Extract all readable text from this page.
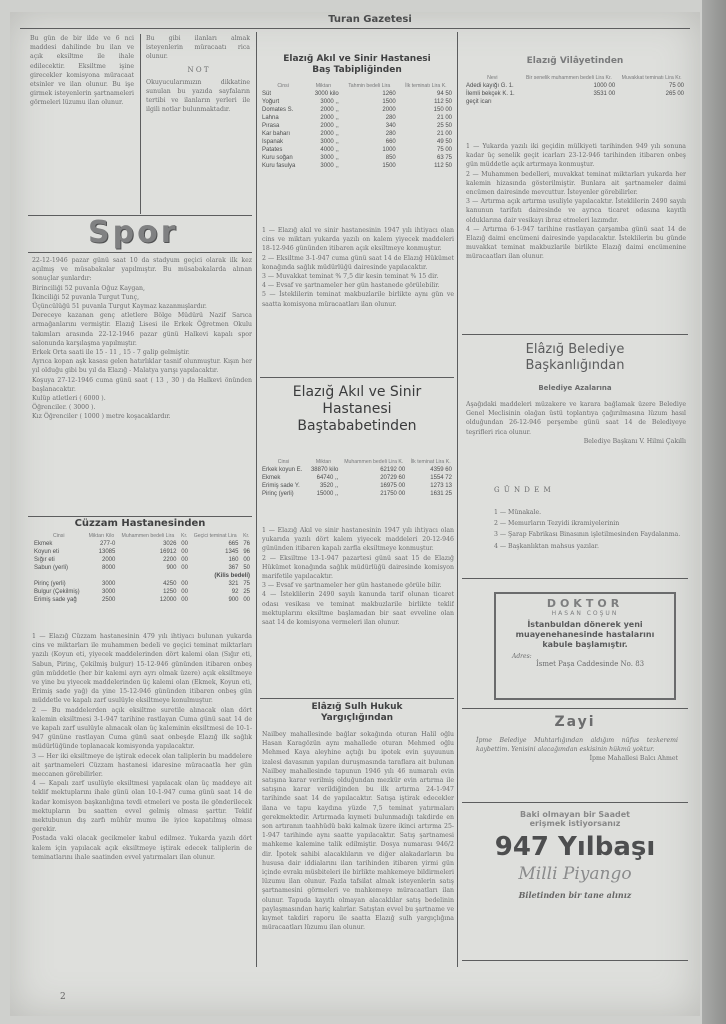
Turan Gazetesi
Bu gün de bir ilde ve 6 nci maddesi dahilinde bu ilan ve açık eksiltme ile ihale edilecektir. Eksiltme işine girecekler komisyona müracaat etsinler ve ilan olunur. Bu işe girmek isteyenlerin şartnameleri görmeleri lüzumu ilan olunur.
Bu gibi ilanları almak isteyenlerin müracaatı rica olunur.
N O T
Okuyucularımızın dikkatine sunulan bu yazıda sayfaların tertibi ve ilanların yerleri ile ilgili notlar bulunmaktadır.
Spor
22-12-1946 pazar günü saat 10 da stadyum geçici olarak ilk kez açılmış ve müsabakalar yapılmıştır. Bu müsabakalarda alınan sonuçlar şunlardır:
Birinciliği 52 puvanla Oğuz Kaygan,
İkinciliği 52 puvanla Turgut Tunç,
Üçüncülüğü 51 puvanla Turgut Kaymaz kazanmışlardır.
Dereceye kazanan genç atletlere Bölge Müdürü Nazif Sarıca armağanlarını vermiştir. Elazığ Lisesi ile Erkek Öğretmen Okulu takımları arasında 22-12-1946 pazar günü Halkevi kapalı spor salonunda karşılaşma yapılmıştır.
Erkek Orta saati ile 15 - 11 , 15 - 7 galip gelmiştir.
Ayrıca kopan aşk kasası gelen hatırlıklar tasnif olunmuştur. Kışın her yıl olduğu gibi bu yıl da Elazığ - Malatya yarışı yapılacaktır.
Koşuya 27-12-1946 cuma günü saat ( 13 , 30 ) da Halkevi önünden başlanacaktır.
Kulüp atletleri ( 6000 ).
Öğrenciler. ( 3000 ).
Kız Öğrenciler ( 1000 ) metre koşacaklardır.
Cüzzam Hastanesinden
Cinsi	Miktarı Kilo	Muhammen bedeli Lira	Kr.	Geçici teminat Lira	Kr.
Ekmek	277-0	3026	00	665	76
Koyun eti	13085	16912	00	1345	96
Sığır eti	2000	2200	00	160	00
Sabun (yerli)	8000	900	00	367	50
(Kilis bedeli)					
Pirinç (yerli)	3000	4250	00	321	75
Bulgur (Çekilmiş)	3000	1250	00	92	25
Erimiş sade yağ	2500	12000	00	900	00
1 — Elazığ Cüzzam hastanesinin 479 yılı ihtiyacı bulunan yukarda cins ve miktarları ile muhammen bedeli ve geçici teminat miktarları yazılı (Koyun eti, yiyecek maddelerinden dört kalemi olan (Sığır eti, Sabun, Pirinç, Çekilmiş bulgur) 15-12-946 gününden itibaren onbeş gün müddetle (her bir kalemi ayrı ayrı olmak üzere) açık eksiltmeye ve yine bu yiyecek maddelerinden üç kalemi olan (Ekmek, Koyun eti, Erimiş sade yağ) da yine 15-12-946 gününden itibaren onbeş gün müddetle ve kapalı zarf usulüyle eksiltmeye konulmuştur.
2 — Bu maddelerden açık eksiltme suretile alınacak olan dört kalemin eksiltmesi 3-1-947 tarihine rastlayan Cuma günü saat 14 de ve kapalı zarf usulüyle alınacak olan üç kaleminin eksiltmesi de 10-1-947 gününe rastlayan Cuma günü saat onbeşde Elazığ ilk sağlık müdürlüğünde toplanacak komisyonda yapılacaktır.
3 — Her iki eksiltmeye de iştirak edecek olan taliplerin bu maddelere ait şartnameleri Cüzzam hastanesi idaresine müracaatla her gün meccanen görebilirler.
4 — Kapalı zarf usulüyle eksiltmesi yapılacak olan üç maddeye ait teklif mektuplarını ihale günü olan 10-1-947 cuma günü saat 14 de kadar komisyon başkanlığına tevdi etmeleri ve posta ile gönderilecek mektupların bu saatten evvel gelmiş olması şarttır. Teklif mektubunun dış zarfı mühür mumu ile iyice kapatılmış olması gerekir.
Postada vaki olacak gecikmeler kabul edilmez. Yukarda yazılı dört kalem için yapılacak açık eksiltmeye iştirak edecek taliplerin de teminatlarını ihale saatinden evvel yatırmaları ilan olunur.
Elazığ Akıl ve Sinir Hastanesi
Baş Tabipliğinden
Cinsi	Miktarı	Tahmin bedeli Lira	İlk teminatı Lira K.
Süt	3000 kilo	1260	94 50
Yoğurt	3000 ,,	1500	112 50
Domates S.	2000 ,,	2000	150 00
Lahna	2000 ,,	280	21 00
Pırasa	2000 ,,	340	25 50
Kar baharı	2000 ,,	280	21 00
Ispanak	3000 ,,	660	49 50
Patates	4000 ,,	1000	75 00
Kuru soğan	3000 ,,	850	63 75
Kuru fasulya	3000 ,,	1500	112 50
1 — Elazığ akıl ve sinir hastanesinin 1947 yılı ihtiyacı olan cins ve miktarı yukarda yazılı on kalem yiyecek maddeleri 18-12-946 gününden itibaren açık eksiltmeye konmuştur.
2 — Eksiltme 3-1-947 cuma günü saat 14 de Elazığ Hükümet konağında sağlık müdürlüğü dairesinde yapılacaktır.
3 — Muvakkat teminat % 7,5 dir kesin teminat % 15 dir.
4 — Evsaf ve şartnameler her gün hastanede görülebilir.
5 — İsteklilerin teminat makbuzlarile birlikte aynı gün ve saatta komisyona müracaatları ilan olunur.
Elazığ Akıl ve Sinir
Hastanesi
Baştababetinden
Cinsi	Miktarı	Muhammen bedeli Lira K.	İlk teminat Lira K.
Erkek koyun E.	38870 kilo	62192 00	4359 60
Ekmek	64740 ,,	20729 60	1554 72
Erimiş sade Y.	3520 ,,	16975 00	1273 13
Pirinç (yerli)	15000 ,,	21750 00	1631 25
1 — Elazığ Akıl ve sinir hastanesinin 1947 yılı ihtiyacı olan yukarıda yazılı dört kalem yiyecek maddeleri 20-12-946 gününden itibaren kapalı zarfla eksiltmeye konmuştur.
2 — Eksiltme 13-1-947 pazartesi günü saat 15 de Elazığ Hükümet konağında sağlık müdürlüğü dairesinde komisyon marifetile yapılacaktır.
3 — Evsaf ve şartnameler her gün hastanede görüle bilir.
4 — İsteklilerin 2490 sayılı kanunda tarif olunan ticaret odası vesikası ve teminat makbuzlarile birlikte teklif mektuplarını eksiltme başlamadan bir saat evveline olan saat 14 de komisyona vermeleri ilan olunur.
Elâzığ Sulh Hukuk
Yargıçlığından
Nailbey mahallesinde bağlar sokağında oturan Halil oğlu Hasan Karagözün aynı mahallede oturan Mehmed oğlu Mehmed Kaya aleyhine açtığı bu ipotek evin şuyuunun izalesi davasının yapılan duruşmasında taraflara ait bulunan Nailbey mahallesinde tapunun 1946 yılı 46 numaralı evin satışına karar verilmiş olduğundan mezkür evin artırma ile satışına karar verildiğinden bu ilk artırma 24-1-947 tarihinde saat 14 de yapılacaktır. Satışa iştirak edecekler ilana ve tapu kaydına yüzde 7,5 teminat yatırmaları gerekmektedir. Artırmada kıymeti bulunmadığı takdirde en son artıranın taahhüdü baki kalmak üzere ikinci artırma 25-1-947 tarihinde aynı saatte yapılacaktır. Satış şartnamesi mahkeme kalemine talik edilmiştir. Dosya numarası 946/2 dir. İpotek sahibi alacaklıların ve diğer alakadarların bu hususa dair iddialarını ilan tarihinden itibaren yirmi gün içinde evrakı müsbiteleri ile birlikte mahkemeye bildirmeleri lüzumu ilan olunur. Fazla tafsilat almak isteyenlerin satış şartnamesini görmeleri ve mahkemeye müracaatları ilan olunur. Tapuda kayıtlı olmayan alacaklılar satış bedelinin paylaşmasından hariç kalırlar. Satıştan evvel bu şartname ve kıymet takdiri raporu ile saatta Elazığ sulh yargıçlığına müracaatları lüzumu ilan olunur.
Elazığ Vilâyetinden
Nevi	Bir senelik muhammen bedeli Lira Kr.	Muvakkat teminatı Lira Kr.
Adedi kayığı G. 1.	1000 00	75 00
İlemli bekçek K. 1.	3531 00	265 00
geçit icarı		
1 — Yukarda yazılı iki geçidin mülkiyeti tarihinden 949 yılı sonuna kadar üç senelik geçit icarları 23-12-946 tarihinden itibaren onbeş gün müddetle açık artırmaya konmuştur.
2 — Muhammen bedelleri, muvakkat teminat miktarları yukarda her kalemin hizasında gösterilmiştir. Bunlara ait şartnameler daimi encümen dairesinde mevcuttur. İsteyenler görebilirler.
3 — Artırma açık artırma usuliyle yapılacaktır. İsteklilerin 2490 sayılı kanunun tarifatı dairesinde ve ayrıca ticaret odasına kayıtlı olduklarına dair vesikayı ibraz etmeleri lazımdır.
4 — Artırma 6-1-947 tarihine rastlayan çarşamba günü saat 14 de Elazığ daimi encümeni dairesinde yapılacaktır. İsteklilerin bu günde muvakkat teminat makbuzlarile birlikte Elazığ daimi encümenine müracaatları ilan olunur.
Elâzığ Belediye
Başkanlığından
Belediye Azalarına
Aşağıdaki maddeleri müzakere ve karara bağlamak üzere Belediye Genel Meclisinin olağan üstü toplantıya çağırılmasına lüzum hasıl olduğundan 26-12-946 perşembe günü saat 14 de Belediyeye teşrifleri rica olunur.
Belediye Başkanı V. Hilmi Çakıllı
G Ü N D E M
1 — Münakale.
2 — Memurların Tezyidi ikramiyelerinin
3 — Şarap Fabrikası Binasının işletilmesinden Faydalanma.
4 — Başkanlıktan mahsus yazılar.
DOKTOR
HASAN COŞUN
İstanbuldan dönerek yeni muayenehanesinde hastalarını kabule başlamıştır.
Adres:
İsmet Paşa Caddesinde No. 83
Zayi
İpme Belediye Muhtarlığından aldığım nüfus tezkeremi kaybettim. Yenisini alacağımdan eskisinin hükmü yoktur.
İpme Mahallesi Balcı Ahmet
Baki olmayan bir Saadet
erişmek istiyorsanız
947 Yılbaşı
Milli Piyango
Biletinden bir tane alınız
2
